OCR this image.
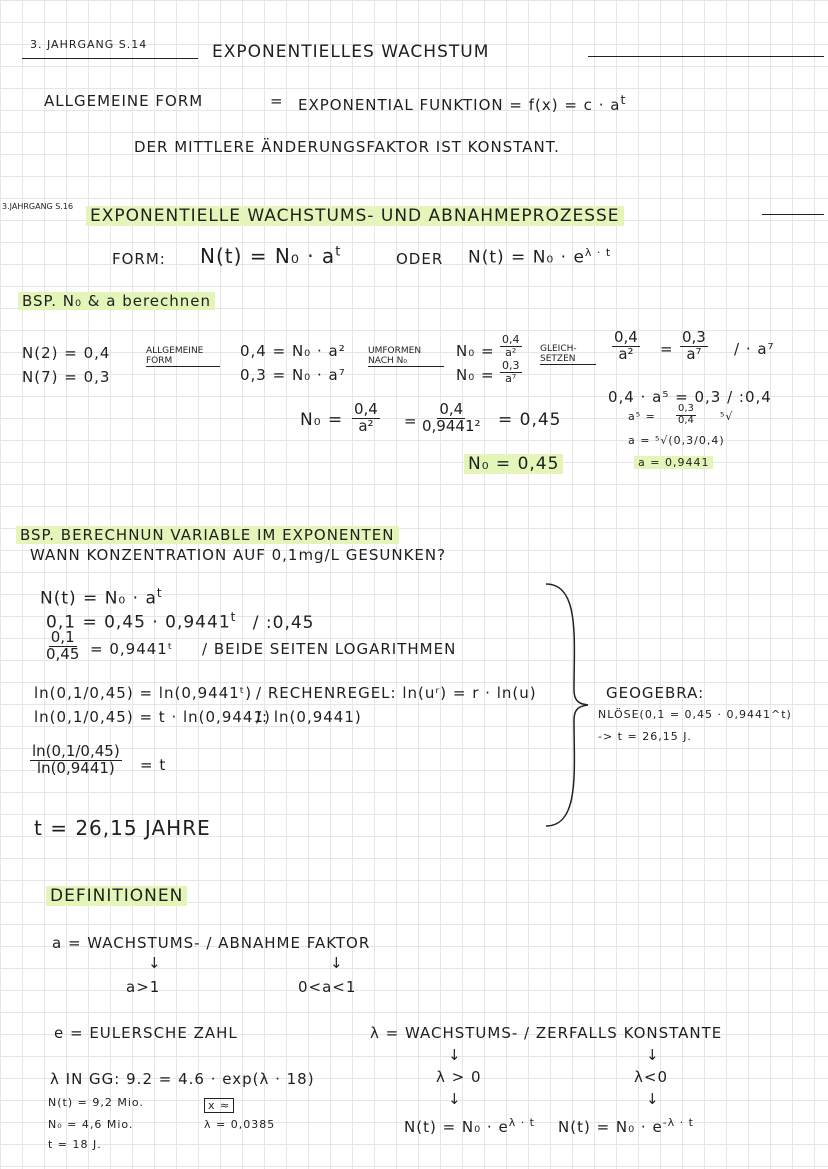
3. JAHRGANG S.14	EXPONENTIELLES WACHSTUM
ALLGEMEINE FORM	= EXPONENTIAL FUNKTION = $f(x) = c \cdot a^t$
DER MITTLERE ÄNDERUNGSFAKTOR IST KONSTANT.
3.JAHRGANG S.16 EXPONENTIELLE WACHSTUMS- UND ABNAHMEPROZESSE
FORM: $N(t) = N_0 \cdot a^t$	ODER $N(t) = N_0 \cdot e^{\lambda \cdot t}$
BSP. N₀ & a berechnen
N(2) = 0,4
N(7) = 0,3
ALLGEMEINE FORM
0,4 = N₀ · a²
0,3 = N₀ · a⁷
UMFORMEN NACH N₀
$N_0 = \frac{0,4}{\text{a²}}$
$N_0 = \frac{0,3}{\text{a⁷}}$
GLEICH- SETZEN	$\frac{0,4}{\text{a²}} = \frac{0,3}{\text{a⁷}}$ / · a⁷
0,4 · a⁵ = 0,3 / :0,4
$a^5 = \frac{0,3}{0,4} ^5√$
a = ⁵√(0,3/0,4)
a = 0,9441
$N_0 = \frac{0,4}{\text{a²}} = \frac{0,4}{\text{0,9441²}} = 0,45$
N₀ = 0,45
BSP. BERECHNUN VARIABLE IM EXPONENTEN
WANN KONZENTRATION AUF 0,1mg/L GESUNKEN?
$N(t) = N_0 \cdot a^t$
$0,1 = 0,45 \cdot 0,9441^t$ / :0,45
$\frac{0,1}{0,45}$ = 0,9441ᵗ / BEIDE SEITEN LOGARITHMEN
ln(0,1/0,45) = ln(0,9441ᵗ) / RECHENREGEL: ln(uʳ) = r · ln(u)
ln(0,1/0,45) = t · ln(0,9441)
/: ln(0,9441)
$\frac{\ln(0,1/0,45)}{\ln(0,9441)} = t$
t = 26,15 JAHRE
GEOGEBRA:
NLÖSE(0,1 = 0,45 · 0,9441^t)
-> t = 26,15 J.
DEFINITIONEN
a = WACHSTUMS- / ABNAHME FAKTOR
↓	↓
a>1	0<a<1
e = EULERSCHE ZAHL	λ = WACHSTUMS- / ZERFALLS KONSTANTE
↓	↓
λ > 0	λ<0
↓	↓
$N(t) = N_0 \cdot e^{\lambda \cdot t}$ $N(t) = N_0 \cdot e^{-\lambda \cdot t}$
λ IN GG: 9.2 = 4.6 · exp(λ · 18)
N(t) = 9,2 Mio.	x ≈
N₀ = 4,6 Mio.	λ = 0,0385
t = 18 J.
